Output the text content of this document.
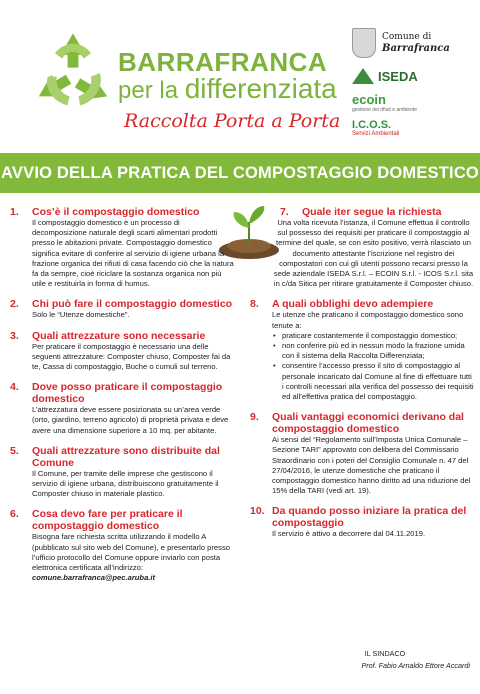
BARRAFRANCA
per la differenziata
Raccolta Porta a Porta
Comune di
Barrafranca
ISEDA
ecoin
gestione dei rifiuti e ambiente
I.C.O.S.
Servizi Ambientali
AVVIO DELLA PRATICA DEL COMPOSTAGGIO DOMESTICO
1. Cos’è il compostaggio domestico
Il compostaggio domestico è un processo di decomposizione naturale degli scarti alimentari prodotti presso le abitazioni private. Compostaggio domestico significa evitare di conferire al servizio di igiene urbana la frazione organica dei rifiuti di casa facendo ciò che la natura fa da sempre, cioè riciclare la sostanza organica non più utile e restituirla in forma di humus.
2. Chi può fare il compostaggio domestico
Solo le “Utenze domestiche”.
3. Quali attrezzature sono necessarie
Per praticare il compostaggio è necessario una delle seguenti attrezzature: Composter chiuso, Composter fai da te, Cassa di compostaggio, Buche o cumuli sul terreno.
4. Dove posso praticare il compostaggio domestico
L’attrezzatura deve essere posizionata su un’area verde (orto, giardino, terreno agricolo) di proprietà privata e deve avere una dimensione superiore a 10 mq. per abitante.
5. Quali attrezzature sono distribuite dal Comune
Il Comune, per tramite delle imprese che gestiscono il servizio di igiene urbana, distribuiscono gratuitamente il Composter chiuso in materiale plastico.
6. Cosa devo fare per praticare il compostaggio domestico
Bisogna fare richiesta scritta utilizzando il modello A (pubblicato sul sito web del Comune), e presentarlo presso l’ufficio protocollo del Comune oppure inviarlo con posta elettronica certificata all’indirizzo:
comune.barrafranca@pec.aruba.it
7. Quale iter segue la richiesta
Una volta ricevuta l’istanza, il Comune effettua il controllo sul possesso dei requisiti per praticare il compostaggio al termine del quale, se con esito positivo, verrà rilasciato un documento attestante l’iscrizione nel registro dei compostatori con cui gli utenti possono recarsi presso la sede aziendale ISEDA S.r.l. – ECOIN S.r.l. - ICOS S.r.l. sita in c/da Sitica per ritirare gratuitamente il Composter chiuso.
8. A quali obblighi devo adempiere
Le utenze che praticano il compostaggio domestico sono tenute a:
• praticare costantemente il compostaggio domestico;
• non conferire più ed in nessun modo la frazione umida con il sistema della Raccolta Differenziata;
• consentire l’accesso presso il sito di compostaggio al personale incaricato dal Comune al fine di effettuare tutti i controlli necessari alla verifica del possesso dei requisiti ed all’effettiva pratica del compostaggio.
9. Quali vantaggi economici derivano dal compostaggio domestico
Ai sensi del “Regolamento sull’Imposta Unica Comunale – Sezione TARI” approvato con delibera del Commissario Straordinario con i poteri del Consiglio Comunale n. 47 del 27/04/2016, le utenze domestiche che praticano il compostaggio domestico hanno diritto ad una riduzione del 15% della TARI (vedi art. 19).
10. Da quando posso iniziare la pratica del compostaggio
Il servizio è attivo a decorrere dal 04.11.2019.
IL SINDACO
Prof. Fabio Arnaldo Ettore Accardi
